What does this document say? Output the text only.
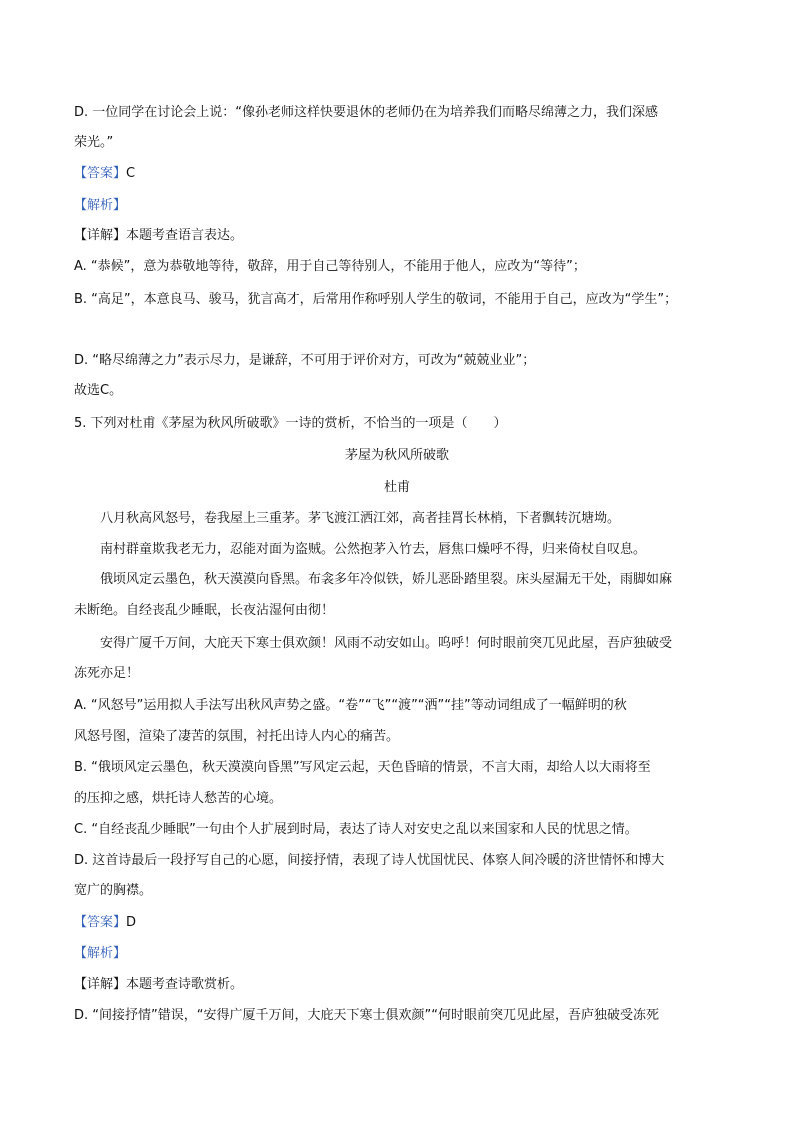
D. 一位同学在讨论会上说：“像孙老师这样快要退休的老师仍在为培养我们而略尽绵薄之力，我们深感
荣光。”
【答案】C
【解析】
【详解】本题考查语言表达。
A. “恭候”，意为恭敬地等待，敬辞，用于自己等待别人，不能用于他人，应改为“等待”；
B. “高足”，本意良马、骏马，犹言高才，后常用作称呼别人学生的敬词，不能用于自己，应改为“学生”；
D. “略尽绵薄之力”表示尽力，是谦辞，不可用于评价对方，可改为“兢兢业业”；
故选C。
5. 下列对杜甫《茅屋为秋风所破歌》一诗的赏析，不恰当的一项是（　　）
茅屋为秋风所破歌
杜甫
八月秋高风怒号，卷我屋上三重茅。茅飞渡江洒江郊，高者挂罥长林梢，下者飘转沉塘坳。
南村群童欺我老无力，忍能对面为盗贼。公然抱茅入竹去，唇焦口燥呼不得，归来倚杖自叹息。
俄顷风定云墨色，秋天漠漠向昏黑。布衾多年冷似铁，娇儿恶卧踏里裂。床头屋漏无干处，雨脚如麻
未断绝。自经丧乱少睡眠，长夜沾湿何由彻！
安得广厦千万间，大庇天下寒士俱欢颜！风雨不动安如山。呜呼！何时眼前突兀见此屋，吾庐独破受
冻死亦足！
A. “风怒号”运用拟人手法写出秋风声势之盛。“卷”“飞”“渡”“洒”“挂”等动词组成了一幅鲜明的秋
风怒号图，渲染了凄苦的氛围，衬托出诗人内心的痛苦。
B. “俄顷风定云墨色，秋天漠漠向昏黑”写风定云起，天色昏暗的情景，不言大雨，却给人以大雨将至
的压抑之感，烘托诗人愁苦的心境。
C. “自经丧乱少睡眠”一句由个人扩展到时局，表达了诗人对安史之乱以来国家和人民的忧思之情。
D. 这首诗最后一段抒写自己的心愿，间接抒情，表现了诗人忧国忧民、体察人间冷暖的济世情怀和博大
宽广的胸襟。
【答案】D
【解析】
【详解】本题考查诗歌赏析。
D. “间接抒情”错误，“安得广厦千万间，大庇天下寒士俱欢颜”“何时眼前突兀见此屋，吾庐独破受冻死
